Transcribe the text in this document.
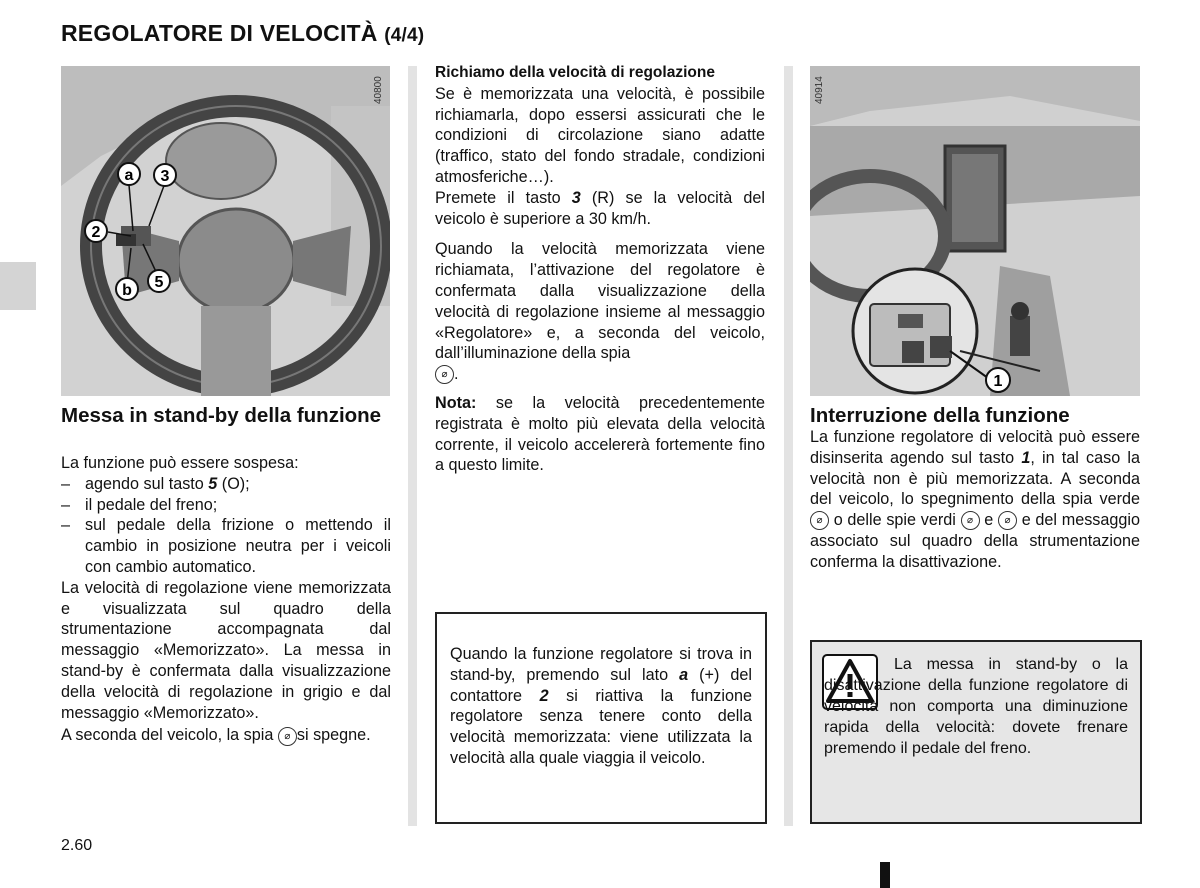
REGOLATORE DI VELOCITÀ (4/4)
40800
a 3
2
5
b
40914
1
Messa in stand-by della funzione

La funzione può essere sospesa:

– agendo sul tasto 5 (O);
– il pedale del freno;
– sul pedale della frizione o mettendo il cambio in posizione neutra per i veicoli con cambio automatico.

La velocità di regolazione viene memorizzata e visualizzata sul quadro della strumentazione accompagnata dal messaggio «Memorizzato». La messa in stand-by è confermata dalla visualizzazione della velocità di regolazione in grigio e dal messaggio «Memorizzato».

A seconda del veicolo, la spia ⌀ si spegne.

Richiamo della velocità di regolazione

Se è memorizzata una velocità, è possibile richiamarla, dopo essersi assicurati che le condizioni di circolazione siano adatte (traffico, stato del fondo stradale, condizioni atmosferiche…).

Premete il tasto 3 (R) se la velocità del veicolo è superiore a 30 km/h.

Quando la velocità memorizzata viene richiamata, l’attivazione del regolatore è confermata dalla visualizzazione della velocità di regolazione insieme al messaggio «Regolatore» e, a seconda del veicolo, dall’illuminazione della spia
⌀ .

Nota: se la velocità precedentemente registrata è molto più elevata della velocità corrente, il veicolo accelererà fortemente fino a questo limite.

Quando la funzione regolatore si trova in stand-by, premendo sul lato a (+) del contattore 2 si riattiva la funzione regolatore senza tenere conto della velocità memorizzata: viene utilizzata la velocità alla quale viaggia il veicolo.

Interruzione della funzione

La funzione regolatore di velocità può essere disinserita agendo sul tasto 1, in tal caso la velocità non è più memorizzata. A seconda del veicolo, lo spegnimento della spia verde ⌀ o delle spie verdi ⌀ e ⌀ e del messaggio associato sul quadro della strumentazione conferma la disattivazione.

La messa in stand-by o la disattivazione della funzione regolatore di velocità non comporta una diminuzione rapida della velocità: dovete frenare premendo il pedale del freno.

2.60
